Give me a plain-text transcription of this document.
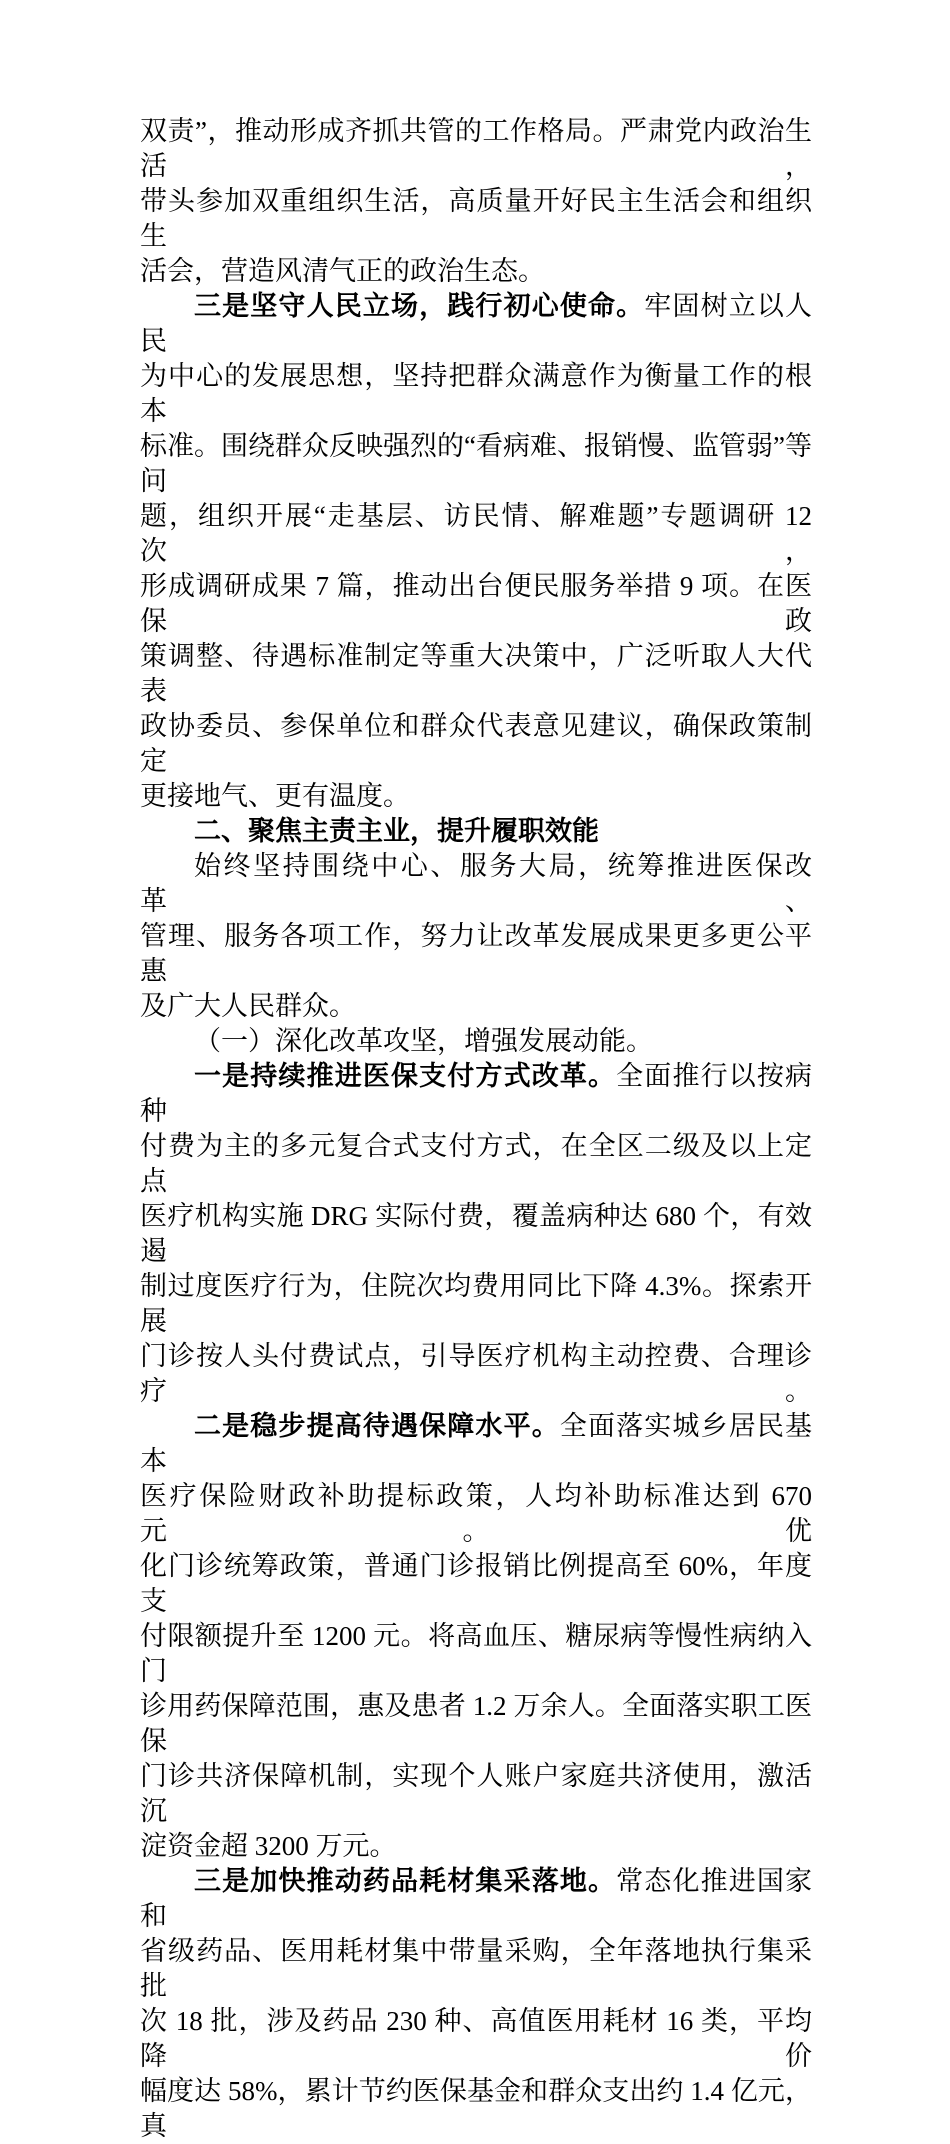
双责”，推动形成齐抓共管的工作格局。严肃党内政治生活，
带头参加双重组织生活，高质量开好民主生活会和组织生
活会，营造风清气正的政治生态。
三是坚守人民立场，践行初心使命。牢固树立以人民
为中心的发展思想，坚持把群众满意作为衡量工作的根本
标准。围绕群众反映强烈的“看病难、报销慢、监管弱”等问
题，组织开展“走基层、访民情、解难题”专题调研 12 次，
形成调研成果 7 篇，推动出台便民服务举措 9 项。在医保政
策调整、待遇标准制定等重大决策中，广泛听取人大代表
政协委员、参保单位和群众代表意见建议，确保政策制定
更接地气、更有温度。
二、聚焦主责主业，提升履职效能
始终坚持围绕中心、服务大局，统筹推进医保改革、
管理、服务各项工作，努力让改革发展成果更多更公平惠
及广大人民群众。
（一）深化改革攻坚，增强发展动能。
一是持续推进医保支付方式改革。全面推行以按病种
付费为主的多元复合式支付方式，在全区二级及以上定点
医疗机构实施 DRG 实际付费，覆盖病种达 680 个，有效遏
制过度医疗行为，住院次均费用同比下降 4.3%。探索开展
门诊按人头付费试点，引导医疗机构主动控费、合理诊疗。
二是稳步提高待遇保障水平。全面落实城乡居民基本
医疗保险财政补助提标政策，人均补助标准达到 670 元。优
化门诊统筹政策，普通门诊报销比例提高至 60%，年度支
付限额提升至 1200 元。将高血压、糖尿病等慢性病纳入门
诊用药保障范围，惠及患者 1.2 万余人。全面落实职工医保
门诊共济保障机制，实现个人账户家庭共济使用，激活沉
淀资金超 3200 万元。
三是加快推动药品耗材集采落地。常态化推进国家和
省级药品、医用耗材集中带量采购，全年落地执行集采批
次 18 批，涉及药品 230 种、高值医用耗材 16 类，平均降价
幅度达 58%，累计节约医保基金和群众支出约 1.4 亿元，真
